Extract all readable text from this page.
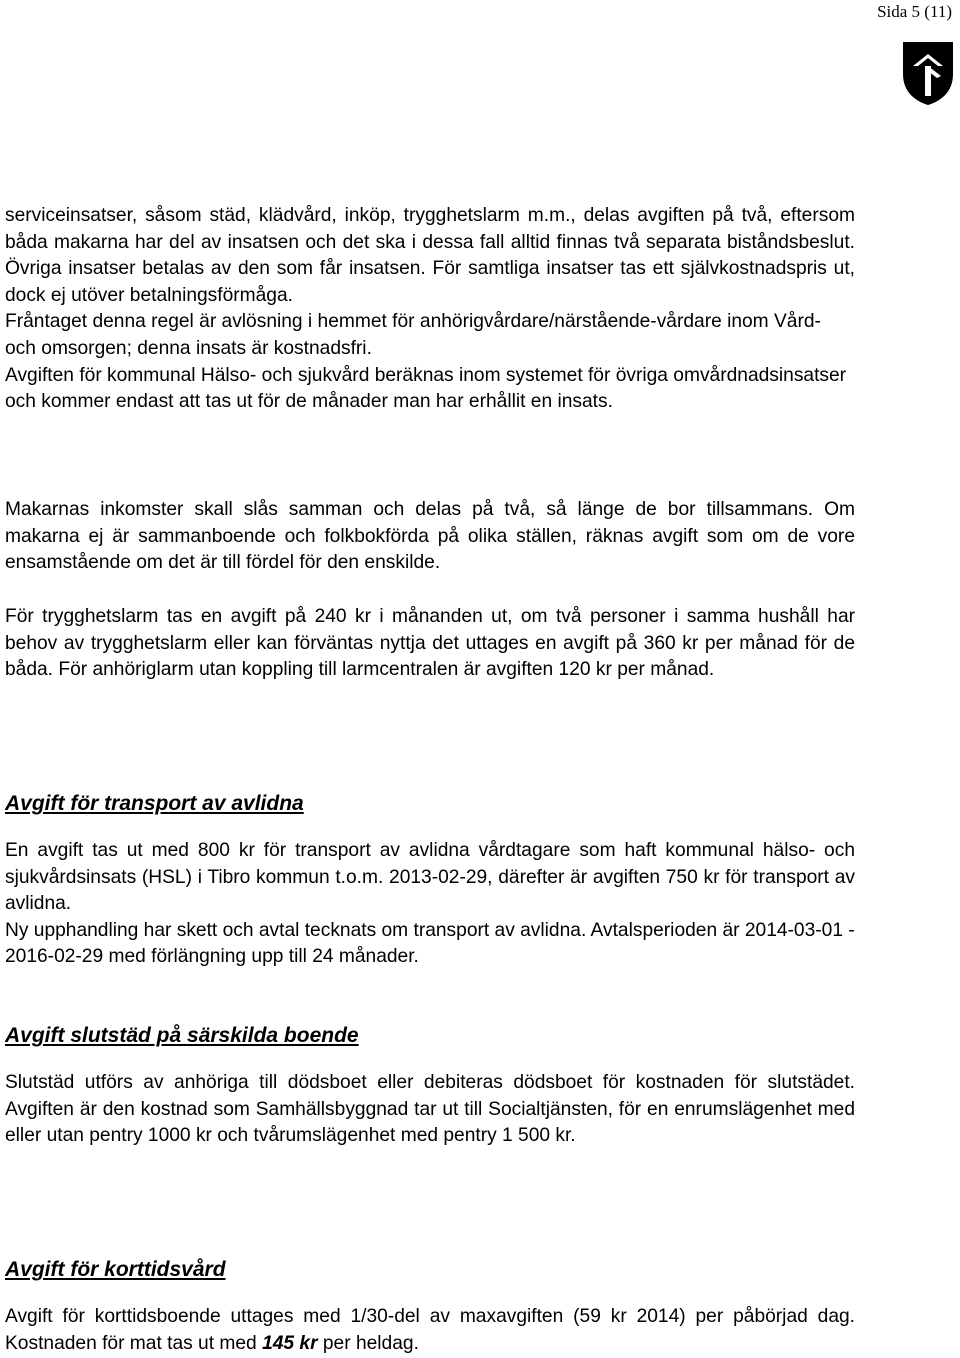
Sida 5 (11)

serviceinsatser, såsom städ, klädvård, inköp, trygghetslarm m.m., delas avgiften på två, eftersom båda makarna har del av insatsen och det ska i dessa fall alltid finnas två separata biståndsbeslut. Övriga insatser betalas av den som får insatsen. För samtliga insatser tas ett självkostnadspris ut, dock ej utöver betalningsförmåga.

Fråntaget denna regel är avlösning i hemmet för anhörigvårdare/närstående-vårdare inom Vård- och omsorgen; denna insats är kostnadsfri.

Avgiften för kommunal Hälso- och sjukvård beräknas inom systemet för övriga omvårdnadsinsatser och kommer endast att tas ut för de månader man har erhållit en insats.

Makarnas inkomster skall slås samman och delas på två, så länge de bor tillsammans. Om makarna ej är sammanboende och folkbokförda på olika ställen, räknas avgift som om de vore ensamstående om det är till fördel för den enskilde.

För trygghetslarm tas en avgift på 240 kr i månanden ut, om två personer i samma hushåll har behov av trygghetslarm eller kan förväntas nyttja det uttages en avgift på 360 kr per månad för de båda. För anhöriglarm utan koppling till larmcentralen är avgiften 120 kr per månad.

Avgift för transport av avlidna

En avgift tas ut med 800 kr för transport av avlidna vårdtagare som haft kommunal hälso- och sjukvårdsinsats (HSL) i Tibro kommun t.o.m. 2013-02-29, därefter är avgiften 750 kr för transport av avlidna.

Ny upphandling har skett och avtal tecknats om transport av avlidna. Avtalsperioden är 2014-03-01 - 2016-02-29 med förlängning upp till 24 månader.

Avgift slutstäd på särskilda boende

Slutstäd utförs av anhöriga till dödsboet eller debiteras dödsboet för kostnaden för slutstädet. Avgiften är den kostnad som Samhällsbyggnad tar ut till Socialtjänsten, för en enrumslägenhet med eller utan pentry 1000 kr och tvårumslägenhet med pentry 1 500 kr.

Avgift för korttidsvård

Avgift för korttidsboende uttages med 1/30-del av maxavgiften (59 kr 2014) per påbörjad dag. Kostnaden för mat tas ut med 145 kr per heldag.
